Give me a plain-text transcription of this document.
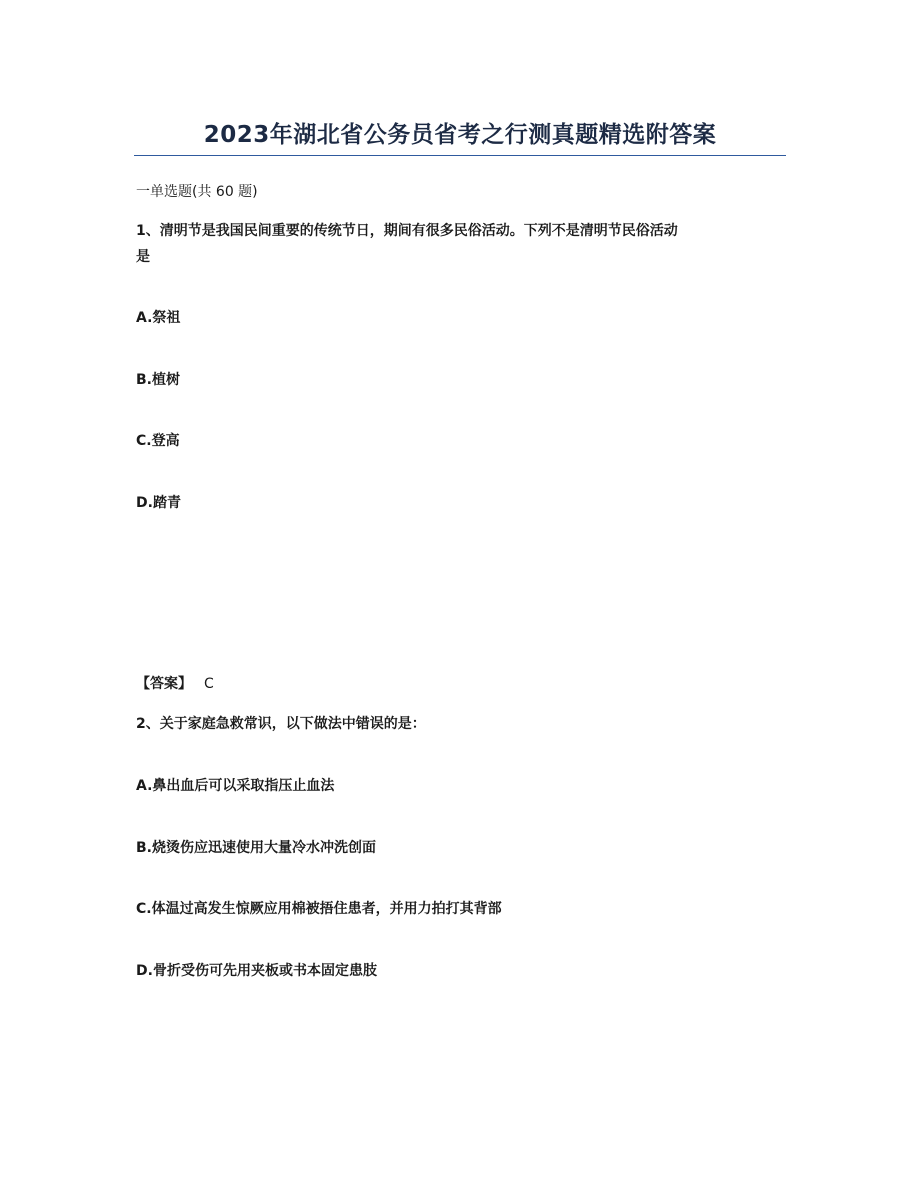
2023年湖北省公务员省考之行测真题精选附答案
一单选题(共 60 题)
1、清明节是我国民间重要的传统节日，期间有很多民俗活动。下列不是清明节民俗活动
是
A.祭祖
B.植树
C.登高
D.踏青
【答案】 C
2、关于家庭急救常识，以下做法中错误的是：
A.鼻出血后可以采取指压止血法
B.烧烫伤应迅速使用大量冷水冲洗创面
C.体温过高发生惊厥应用棉被捂住患者，并用力拍打其背部
D.骨折受伤可先用夹板或书本固定患肢
